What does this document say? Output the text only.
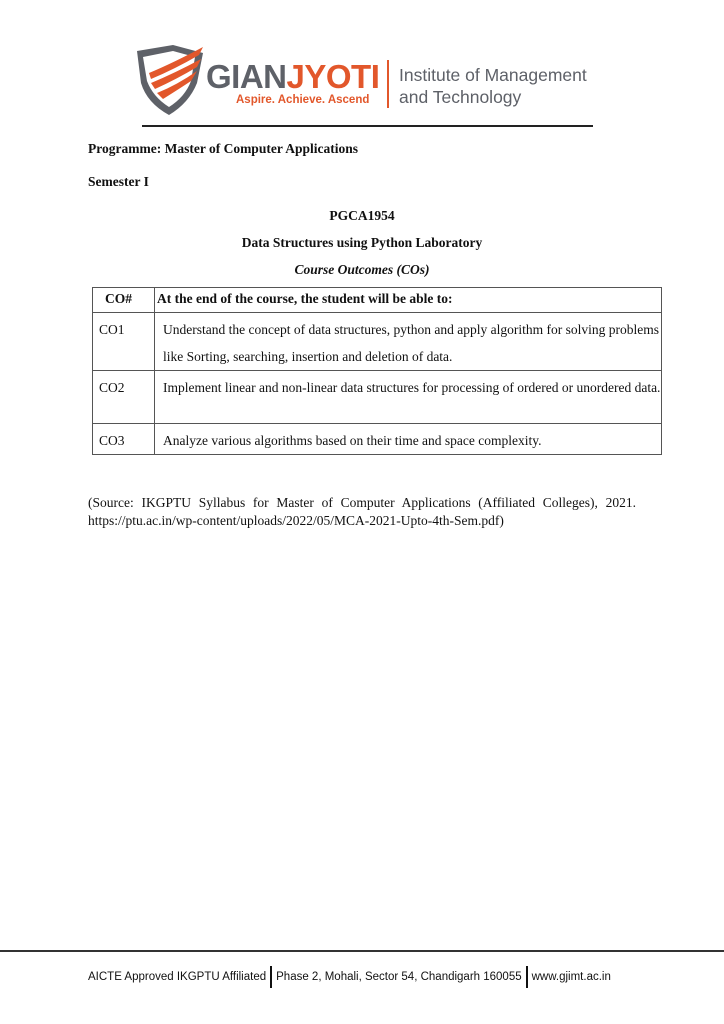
GIANJYOTI
Aspire. Achieve. Ascend
Institute of Management
and Technology
Programme: Master of Computer Applications
Semester I
PGCA1954
Data Structures using Python Laboratory
Course Outcomes (COs)
CO#	At the end of the course, the student will be able to:
CO1	Understand the concept of data structures, python and apply algorithm for solving problems like Sorting, searching, insertion and deletion of data.
CO2	Implement linear and non-linear data structures for processing of ordered or unordered data.
CO3	Analyze various algorithms based on their time and space complexity.
(Source: IKGPTU Syllabus for Master of Computer Applications (Affiliated Colleges), 2021. https://ptu.ac.in/wp-content/uploads/2022/05/MCA-2021-Upto-4th-Sem.pdf)
AICTE Approved IKGPTU Affiliated Phase 2, Mohali, Sector 54, Chandigarh 160055 www.gjimt.ac.in
